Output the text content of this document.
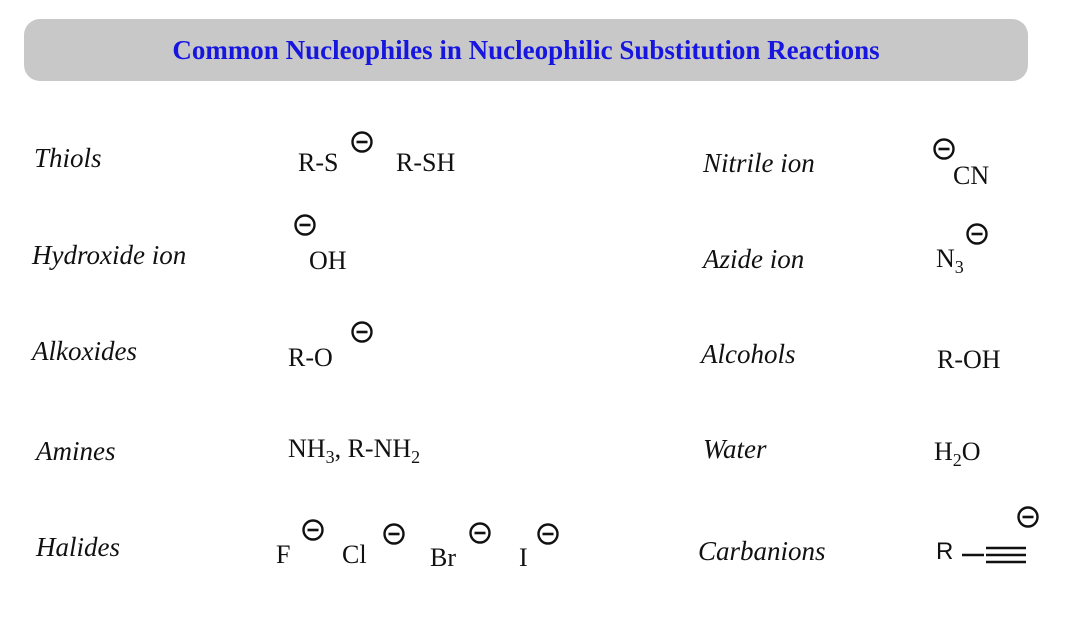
Common Nucleophiles in Nucleophilic Substitution Reactions
Thiols
Hydroxide ion
Alkoxides
Amines
Halides
Nitrile ion
Azide ion
Alcohols
Water
Carbanions
R-S R-SH
OH
R-O
$NH_3$, $R-NH_2$
F Cl Br I
CN
$N_3$
R-OH
$H_2O$
R
